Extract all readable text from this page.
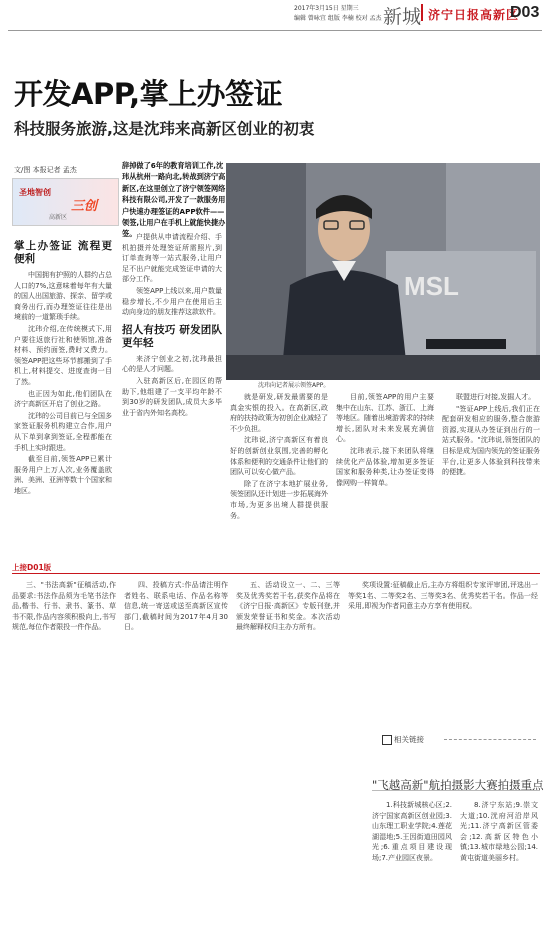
2017年3月15日 星期三
编辑 曾咏宜 组版 李楠 校对 孟杰 新城 济宁日报高新区
D03
开发APP,掌上办签证
科技服务旅游,这是沈玮来高新区创业的初衷
文/图 本报记者 孟杰
圣地智创
三创
高新区
辞掉做了6年的教育培训工作,沈玮从杭州一路向北,转战到济宁高新区,在这里创立了济宁领签网络科技有限公司,开发了一款服务用户快速办理签证的APP软件——领签,让用户在手机上就能快捷办签。
MSL
沈玮向记者展示领签APP。
掌上办签证 流程更便利

中国拥有护照的人群约占总人口的7%,这意味着每年有大量的国人出国旅游、探亲、留学或商务出行,而办理签证往往是出境前的一道繁琐手续。

沈玮介绍,在传统模式下,用户要往返旅行社和使领馆,准备材料、预约面签,费时又费力。领签APP把这些环节都搬到了手机上,材料提交、进度查询一目了然。

也正因为如此,他们团队在济宁高新区开启了创业之路。

沈玮的公司目前已与全国多家签证服务机构建立合作,用户从下单到拿到签证,全程都能在手机上实时跟进。

截至目前,领签APP已累计服务用户上万人次,业务覆盖欧洲、美洲、亚洲等数十个国家和地区。

户提供从申请流程介绍、手机拍摄并处理签证所需照片,到订单查询等一站式服务,让用户足不出户就能完成签证申请的大部分工作。

领签APP上线以来,用户数量稳步增长,不少用户在使用后主动向身边的朋友推荐这款软件。

招人有技巧 研发团队更年轻

来济宁创业之初,沈玮最担心的是人才问题。

入驻高新区后,在园区的帮助下,他组建了一支平均年龄不到30岁的研发团队,成员大多毕业于省内外知名高校。

就是研发,研发最需要的是真金实银的投入。在高新区,政府的扶持政策为初创企业减轻了不少负担。

沈玮说,济宁高新区有着良好的创新创业氛围,完善的孵化体系和便利的交通条件让他们的团队可以安心做产品。

除了在济宁本地扩展业务,领签团队还计划进一步拓展海外市场,为更多出境人群提供服务。

目前,领签APP的用户主要集中在山东、江苏、浙江、上海等地区。随着出境游需求的持续增长,团队对未来发展充满信心。

沈玮表示,接下来团队将继续优化产品体验,增加更多签证国家和服务种类,让办签证变得像网购一样简单。

联盟进行对接,发掘人才。

"签证APP上线后,我们正在配套研发相应的服务,整合旅游资源,实现从办签证到出行的一站式服务。"沈玮说,领签团队的目标是成为国内领先的签证服务平台,让更多人体验到科技带来的便捷。

上接D01版

三、"书法高新"征稿活动,作品要求:书法作品须为毛笔书法作品,楷书、行书、隶书、篆书、草书不限,作品内容须积极向上,书写规范,每位作者限投一件作品。

四、投稿方式:作品请注明作者姓名、联系电话、作品名称等信息,统一寄送或送至高新区宣传部门,截稿时间为2017年4月30日。

五、活动设立一、二、三等奖及优秀奖若干名,获奖作品将在《济宁日报·高新区》专版刊登,并颁发荣誉证书和奖金。本次活动最终解释权归主办方所有。

奖项设置:征稿截止后,主办方将组织专家评审团,评选出一等奖1名、二等奖2名、三等奖3名、优秀奖若干名。作品一经采用,即视为作者同意主办方享有使用权。

相关链接
"飞越高新"航拍摄影大赛拍摄重点

1.科技新城核心区;2.济宁国家高新区创业园;3.山东理工职业学院;4.莲花湖湿地;5.王因街道田园风光;6.重点项目建设现场;7.产业园区夜景。

8.济宁东站;9.崇文大道;10.洸府河沿岸风光;11.济宁高新区管委会;12.高新区特色小镇;13.城市绿地公园;14.黄屯街道美丽乡村。
